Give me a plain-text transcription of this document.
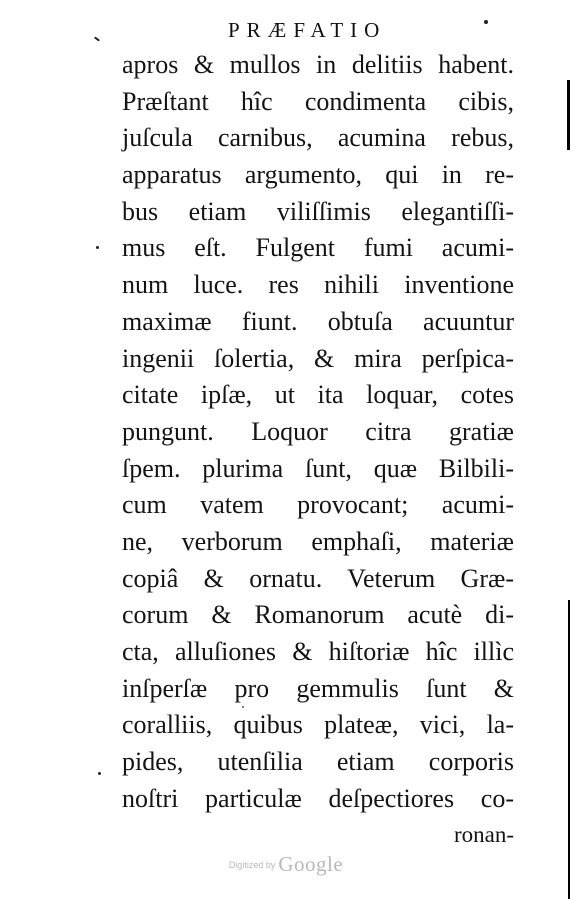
PRÆFATIO
apros & mullos in delitiis habent.
Præſtant hîc condimenta cibis,
juſcula carnibus, acumina rebus,
apparatus argumento, qui in re-
bus etiam viliſſimis elegantiſſi-
mus eſt. Fulgent fumi acumi-
num luce. res nihili inventione
maximæ fiunt. obtuſa acuuntur
ingenii ſolertia, & mira perſpica-
citate ipſæ, ut ita loquar, cotes
pungunt. Loquor citra gratiæ
ſpem. plurima ſunt, quæ Bilbili-
cum vatem provocant; acumi-
ne, verborum emphaſi, materiæ
copiâ & ornatu. Veterum Græ-
corum & Romanorum acutè di-
cta, alluſiones & hiſtoriæ hîc illìc
inſperſæ pro gemmulis ſunt &
coralliis, quibus plateæ, vici, la-
pides, utenſilia etiam corporis
noſtri particulæ deſpectiores co-
ronan-
Digitized by Google
